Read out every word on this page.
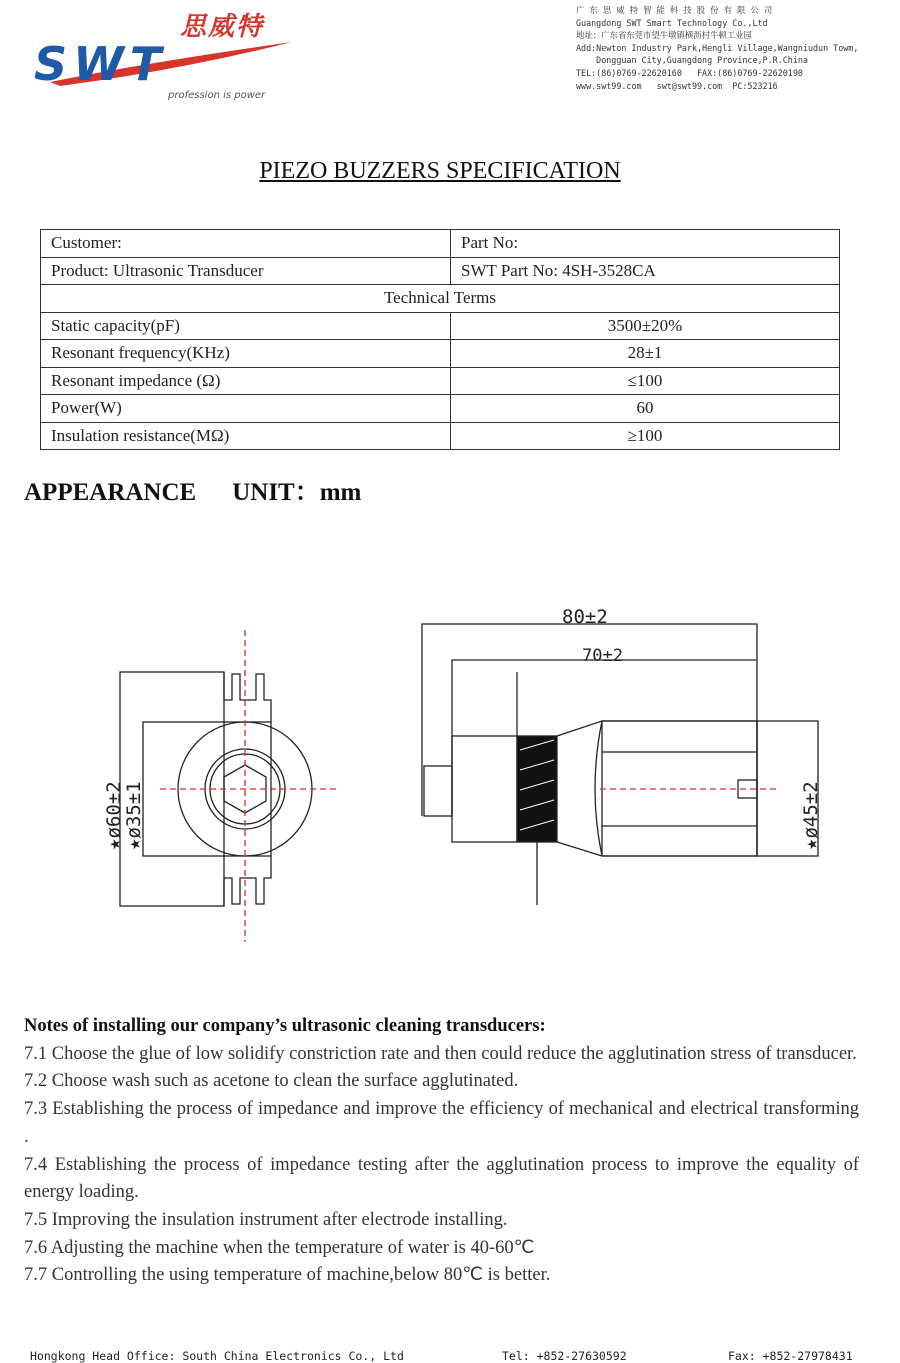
思威特
SWT
profession is power
广 东 思 威 特 智 能 科 技 股 份 有 限 公 司
Guangdong SWT Smart Technology Co.,Ltd
地址：广东省东莞市望牛墩镇横沥村牛顿工业园
Add:Newton Industry Park,Hengli Village,Wangniudun Towm,
Dongguan City,Guangdong Province,P.R.China
TEL:(86)0769-22620160   FAX:(86)0769-22620190
www.swt99.com   swt@swt99.com  PC:523216
PIEZO BUZZERS SPECIFICATION
Customer:	Part No:
Product: Ultrasonic Transducer	SWT Part No: 4SH-3528CA
Technical Terms	
Static capacity(pF)	3500±20%
Resonant frequency(KHz)	28±1
Resonant impedance (Ω)	≤100
Power(W)	60
Insulation resistance(MΩ)	≥100
APPEARANCE UNIT：mm
★ø60±2
★ø35±1
80±2
70±2
★ø45±2

Notes of installing our company’s ultrasonic cleaning transducers:

7.1 Choose the glue of low solidify constriction rate and then could reduce the agglutination stress of transducer.

7.2 Choose wash such as acetone to clean the surface agglutinated.

7.3 Establishing the process of impedance and improve the efficiency of mechanical and electrical transforming .

7.4 Establishing the process of impedance testing after the agglutination process to improve the equality of energy loading.

7.5 Improving the insulation instrument after electrode installing.

7.6 Adjusting the machine when the temperature of water is 40-60℃

7.7 Controlling the using temperature of machine,below 80℃ is better.

Hongkong Head Office: South China Electronics Co., Ltd	Tel: +852-27630592	Fax: +852-27978431
